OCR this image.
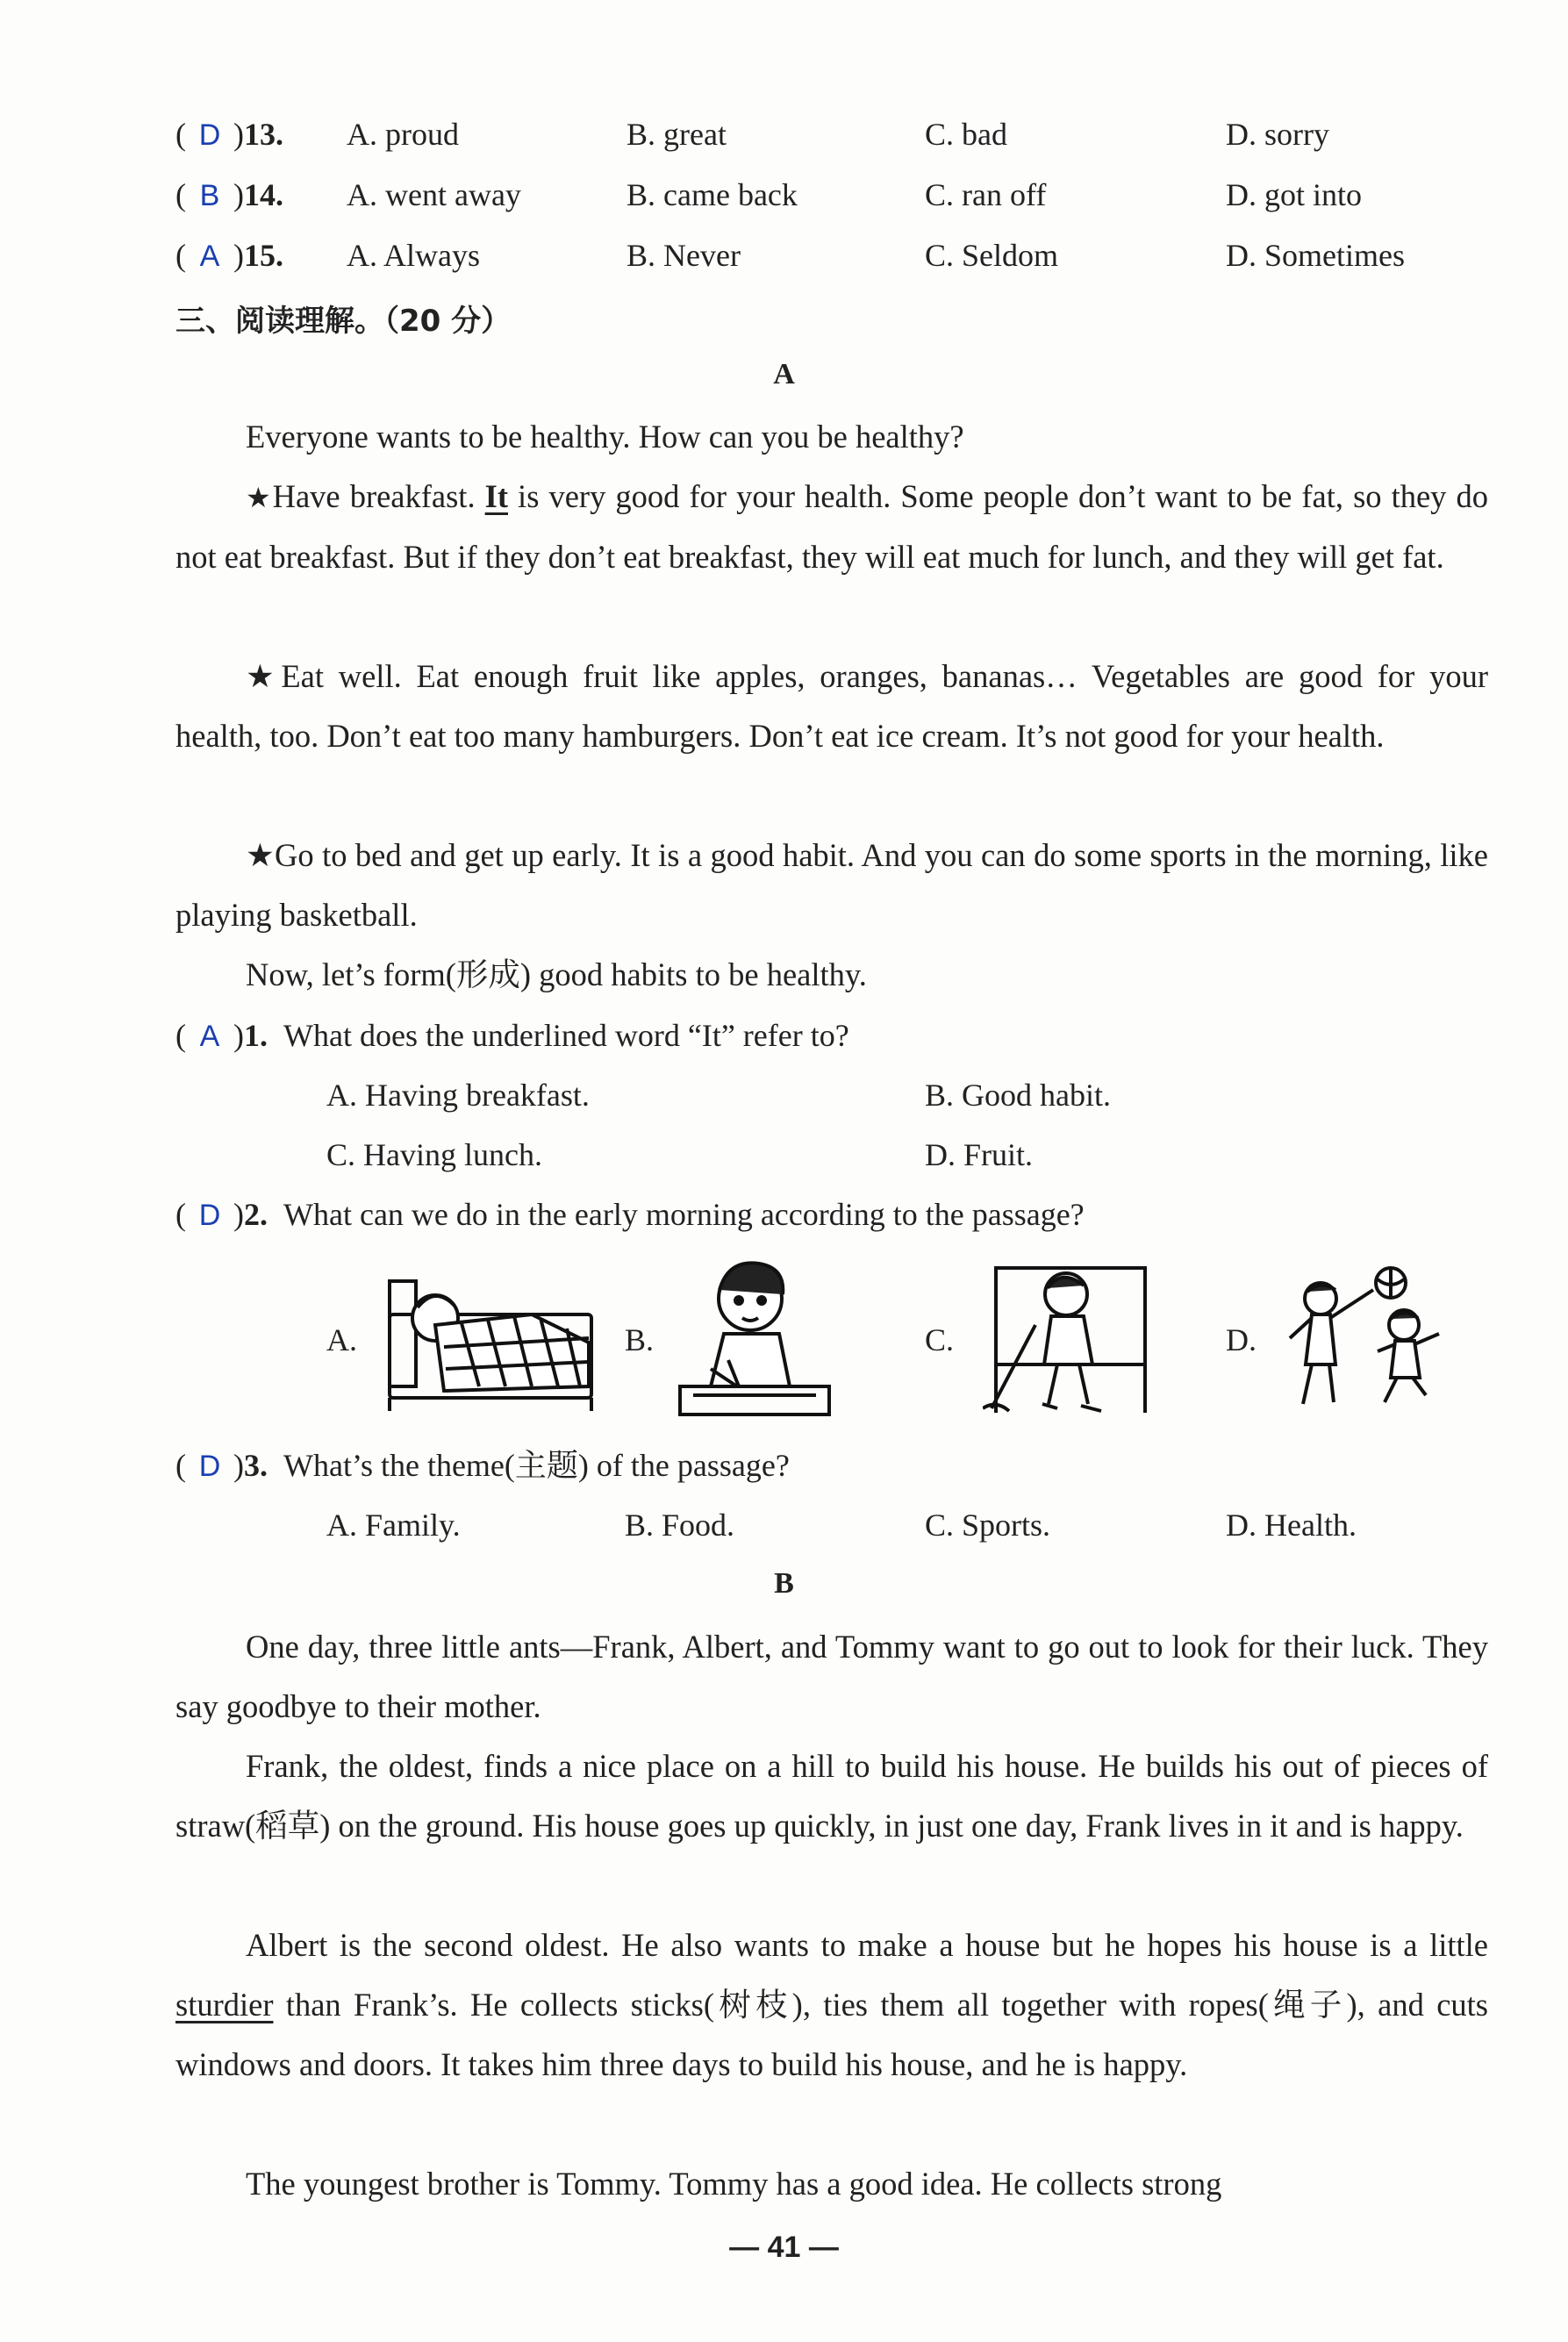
( D )13.	A. proud	B. great	C. bad	D. sorry
( B )14.	A. went away	B. came back	C. ran off	D. got into
( A )15.	A. Always	B. Never	C. Seldom	D. Sometimes
三、阅读理解。（20 分）
A
Everyone wants to be healthy. How can you be healthy?
★Have breakfast. It is very good for your health. Some people don’t want to be fat, so they do not eat breakfast. But if they don’t eat breakfast, they will eat much for lunch, and they will get fat.
★Eat well. Eat enough fruit like apples, oranges, bananas… Vegetables are good for your health, too. Don’t eat too many hamburgers. Don’t eat ice cream. It’s not good for your health.
★Go to bed and get up early. It is a good habit. And you can do some sports in the morning, like playing basketball.
Now, let’s form(形成) good habits to be healthy.
( A )1. What does the underlined word “It” refer to?
A. Having breakfast.	B. Good habit.
C. Having lunch.	D. Fruit.
( D )2. What can we do in the early morning according to the passage?
A.	B.	C.	D.
( D )3. What’s the theme(主题) of the passage?
A. Family.	B. Food.	C. Sports.	D. Health.
B
One day, three little ants—Frank, Albert, and Tommy want to go out to look for their luck. They say goodbye to their mother.
Frank, the oldest, finds a nice place on a hill to build his house. He builds his out of pieces of straw(稻草) on the ground. His house goes up quickly, in just one day, Frank lives in it and is happy.
Albert is the second oldest. He also wants to make a house but he hopes his house is a little sturdier than Frank’s. He collects sticks(树枝), ties them all together with ropes(绳子), and cuts windows and doors. It takes him three days to build his house, and he is happy.
The youngest brother is Tommy. Tommy has a good idea. He collects strong
— 41 —
